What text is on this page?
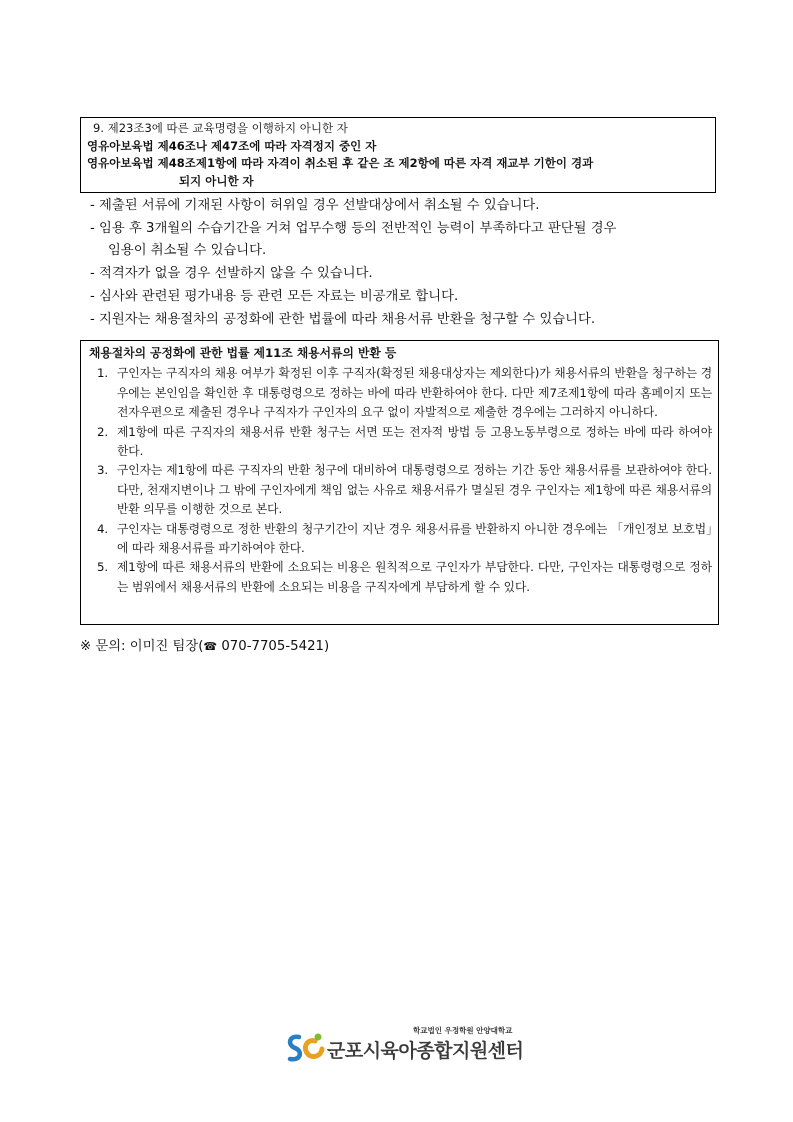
9. 제23조3에 따른 교육명령을 이행하지 아니한 자
영유아보육법 제46조나 제47조에 따라 자격정지 중인 자
영유아보육법 제48조제1항에 따라 자격이 취소된 후 같은 조 제2항에 따른 자격 재교부 기한이 경과
되지 아니한 자
- 제출된 서류에 기재된 사항이 허위일 경우 선발대상에서 취소될 수 있습니다.
- 임용 후 3개월의 수습기간을 거쳐 업무수행 등의 전반적인 능력이 부족하다고 판단될 경우
임용이 취소될 수 있습니다.
- 적격자가 없을 경우 선발하지 않을 수 있습니다.
- 심사와 관련된 평가내용 등 관련 모든 자료는 비공개로 합니다.
- 지원자는 채용절차의 공정화에 관한 법률에 따라 채용서류 반환을 청구할 수 있습니다.
채용절차의 공정화에 관한 법률 제11조 채용서류의 반환 등
1. 구인자는 구직자의 채용 여부가 확정된 이후 구직자(확정된 채용대상자는 제외한다)가 채용서류의 반환을 청구하는 경우에는 본인임을 확인한 후 대통령령으로 정하는 바에 따라 반환하여야 한다. 다만 제7조제1항에 따라 홈페이지 또는 전자우편으로 제출된 경우나 구직자가 구인자의 요구 없이 자발적으로 제출한 경우에는 그러하지 아니하다.
2. 제1항에 따른 구직자의 채용서류 반환 청구는 서면 또는 전자적 방법 등 고용노동부령으로 정하는 바에 따라 하여야 한다.
3. 구인자는 제1항에 따른 구직자의 반환 청구에 대비하여 대통령령으로 정하는 기간 동안 채용서류를 보관하여야 한다. 다만, 천재지변이나 그 밖에 구인자에게 책임 없는 사유로 채용서류가 멸실된 경우 구인자는 제1항에 따른 채용서류의 반환 의무를 이행한 것으로 본다.
4. 구인자는 대통령령으로 정한 반환의 청구기간이 지난 경우 채용서류를 반환하지 아니한 경우에는 「개인정보 보호법」에 따라 채용서류를 파기하여야 한다.
5. 제1항에 따른 채용서류의 반환에 소요되는 비용은 원칙적으로 구인자가 부담한다. 다만, 구인자는 대통령령으로 정하는 범위에서 채용서류의 반환에 소요되는 비용을 구직자에게 부담하게 할 수 있다.
※ 문의: 이미진 팀장(☎ 070-7705-5421)
학교법인 우정학원 안양대학교
군포시육아종합지원센터
